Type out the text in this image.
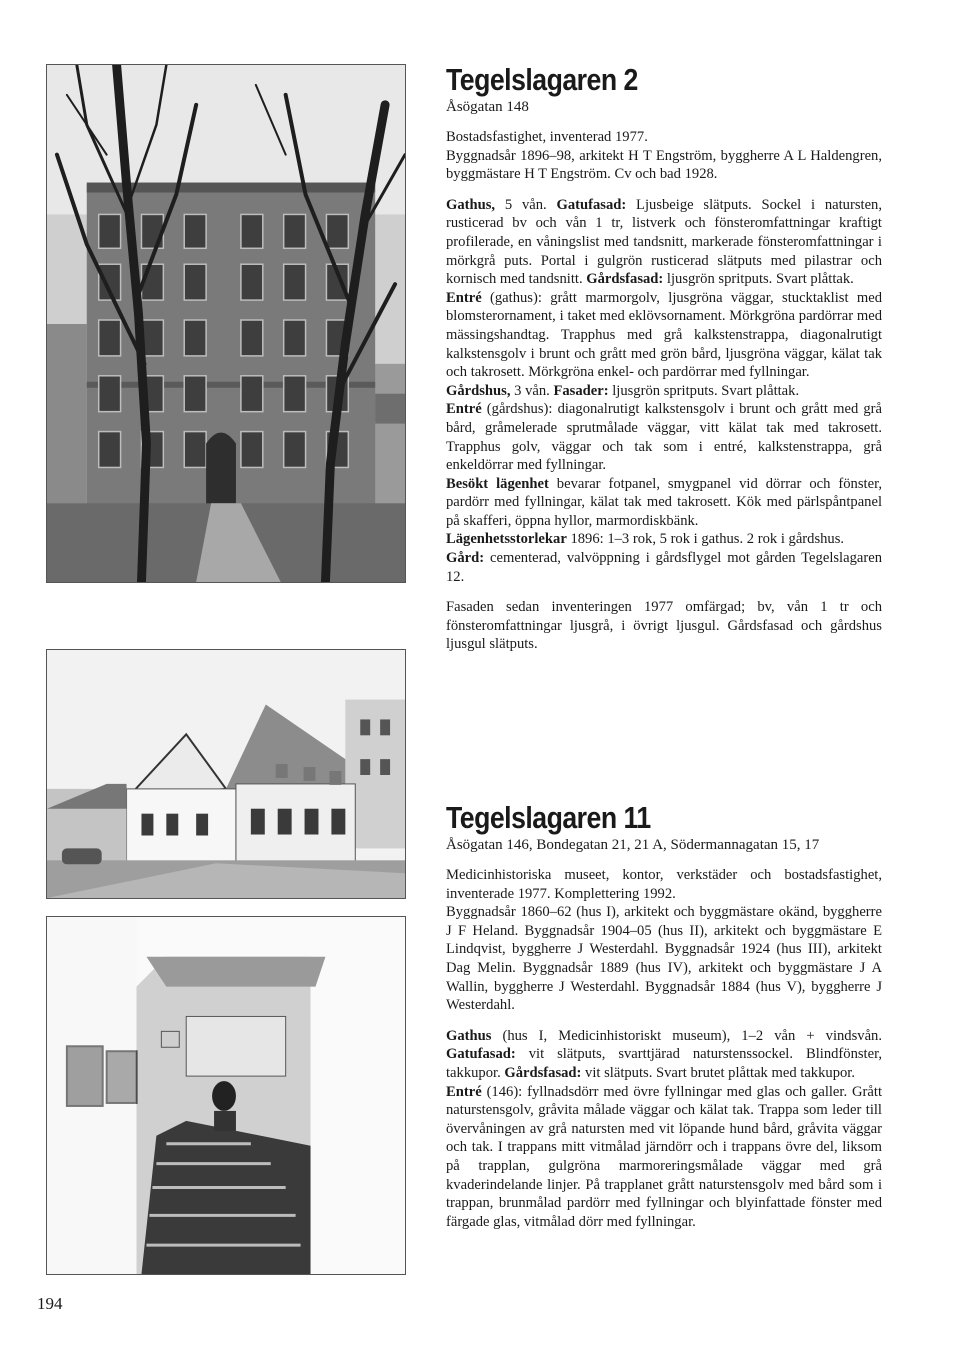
Tegelslagaren 2

Åsögatan 148

Bostadsfastighet, inventerad 1977.

Byggnadsår 1896–98, arkitekt H T Engström, byggherre A L Haldengren, byggmästare H T Engström. Cv och bad 1928.

Gathus, 5 vån. Gatufasad: Ljusbeige slätputs. Sockel i natursten, rusticerad bv och vån 1 tr, listverk och fönsteromfattningar kraftigt profilerade, en våningslist med tandsnitt, markerade fönsteromfattningar i mörkgrå puts. Portal i gulgrön rusticerad slätputs med pilastrar och kornisch med tandsnitt. Gårdsfasad: ljusgrön spritputs. Svart plåttak.

Entré (gathus): grått marmorgolv, ljusgröna väggar, stucktaklist med blomsterornament, i taket med eklövsornament. Mörkgröna pardörrar med mässingshandtag. Trapphus med grå kalkstenstrappa, diagonalrutigt kalkstensgolv i brunt och grått med grön bård, ljusgröna väggar, kälat tak och takrosett. Mörkgröna enkel- och pardörrar med fyllningar.

Gårdshus, 3 vån. Fasader: ljusgrön spritputs. Svart plåttak.

Entré (gårdshus): diagonalrutigt kalkstensgolv i brunt och grått med grå bård, gråmelerade sprutmålade väggar, vitt kälat tak med takrosett. Trapphus golv, väggar och tak som i entré, kalkstenstrappa, grå enkeldörrar med fyllningar.

Besökt lägenhet bevarar fotpanel, smygpanel vid dörrar och fönster, pardörr med fyllningar, kälat tak med takrosett. Kök med pärlspåntpanel på skafferi, öppna hyllor, marmordiskbänk.

Lägenhetsstorlekar 1896: 1–3 rok, 5 rok i gathus. 2 rok i gårdshus.

Gård: cementerad, valvöppning i gårdsflygel mot gården Tegelslagaren 12.

Fasaden sedan inventeringen 1977 omfärgad; bv, vån 1 tr och fönsteromfattningar ljusgrå, i övrigt ljusgul. Gårdsfasad och gårdshus ljusgul slätputs.

Tegelslagaren 11

Åsögatan 146, Bondegatan 21, 21 A, Södermannagatan 15, 17

Medicinhistoriska museet, kontor, verkstäder och bostadsfastighet, inventerade 1977. Komplettering 1992.

Byggnadsår 1860–62 (hus I), arkitekt och byggmästare okänd, byggherre J F Heland. Byggnadsår 1904–05 (hus II), arkitekt och byggmästare E Lindqvist, byggherre J Westerdahl. Byggnadsår 1924 (hus III), arkitekt Dag Melin. Byggnadsår 1889 (hus IV), arkitekt och byggmästare J A Wallin, byggherre J Westerdahl. Byggnadsår 1884 (hus V), byggherre J Westerdahl.

Gathus (hus I, Medicinhistoriskt museum), 1–2 vån + vindsvån. Gatufasad: vit slätputs, svarttjärad naturstenssockel. Blindfönster, takkupor. Gårdsfasad: vit slätputs. Svart brutet plåttak med takkupor.

Entré (146): fyllnadsdörr med övre fyllningar med glas och galler. Grått naturstensgolv, gråvita målade väggar och kälat tak. Trappa som leder till övervåningen av grå natursten med vit löpande hund bård, gråvita väggar och tak. I trappans mitt vitmålad järndörr och i trappans övre del, liksom på trapplan, gulgröna marmoreringsmålade väggar med grå kvaderindelande linjer. På trapplanet grått naturstensgolv med bård som i trappan, brunmålad pardörr med fyllningar och blyinfattade fönster med färgade glas, vitmålad dörr med fyllningar.

194
